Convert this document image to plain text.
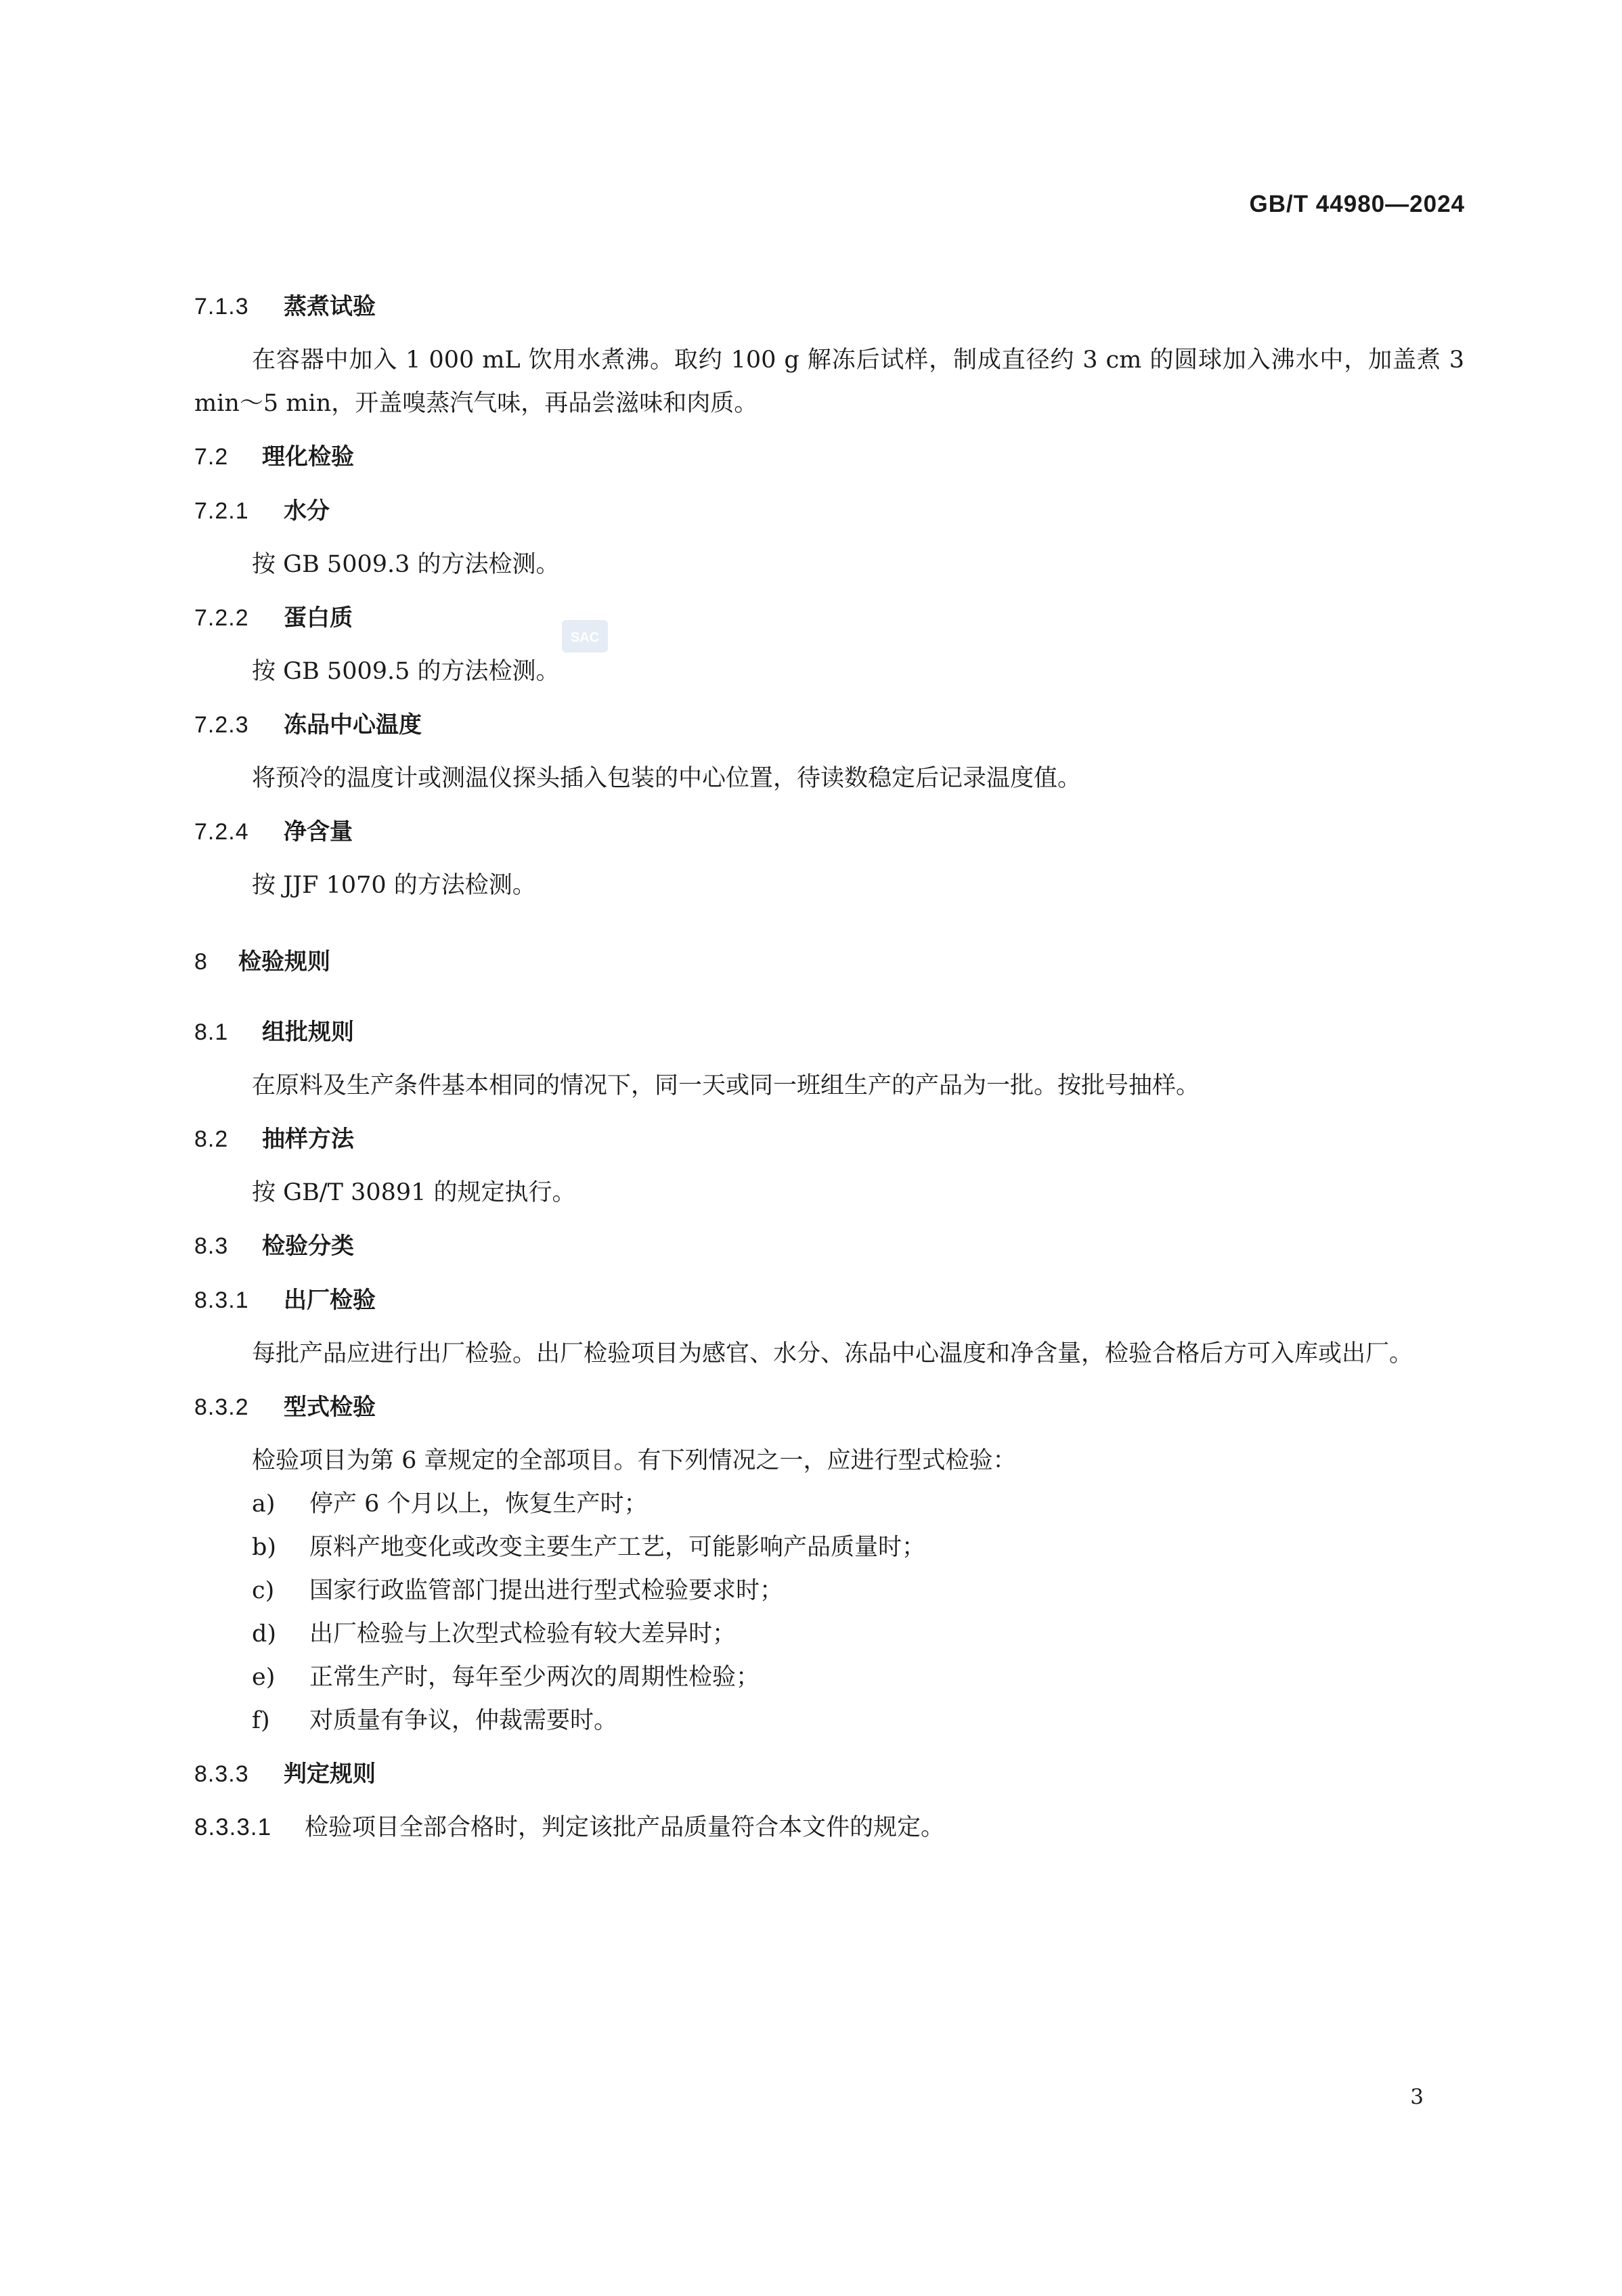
GB/T 44980—2024

SAC

7.1.3 蒸煮试验

在容器中加入 1 000 mL 饮用水煮沸。取约 100 g 解冻后试样，制成直径约 3 cm 的圆球加入沸水中，加盖煮 3 min～5 min，开盖嗅蒸汽气味，再品尝滋味和肉质。

7.2 理化检验

7.2.1 水分

按 GB 5009.3 的方法检测。

7.2.2 蛋白质

按 GB 5009.5 的方法检测。

7.2.3 冻品中心温度

将预冷的温度计或测温仪探头插入包装的中心位置，待读数稳定后记录温度值。

7.2.4 净含量

按 JJF 1070 的方法检测。

8 检验规则

8.1 组批规则

在原料及生产条件基本相同的情况下，同一天或同一班组生产的产品为一批。按批号抽样。

8.2 抽样方法

按 GB/T 30891 的规定执行。

8.3 检验分类

8.3.1 出厂检验

每批产品应进行出厂检验。出厂检验项目为感官、水分、冻品中心温度和净含量，检验合格后方可入库或出厂。

8.3.2 型式检验

检验项目为第 6 章规定的全部项目。有下列情况之一，应进行型式检验：

a) 停产 6 个月以上，恢复生产时；

b) 原料产地变化或改变主要生产工艺，可能影响产品质量时；

c) 国家行政监管部门提出进行型式检验要求时；

d) 出厂检验与上次型式检验有较大差异时；

e) 正常生产时，每年至少两次的周期性检验；

f) 对质量有争议，仲裁需要时。

8.3.3 判定规则

8.3.3.1 检验项目全部合格时，判定该批产品质量符合本文件的规定。

3
